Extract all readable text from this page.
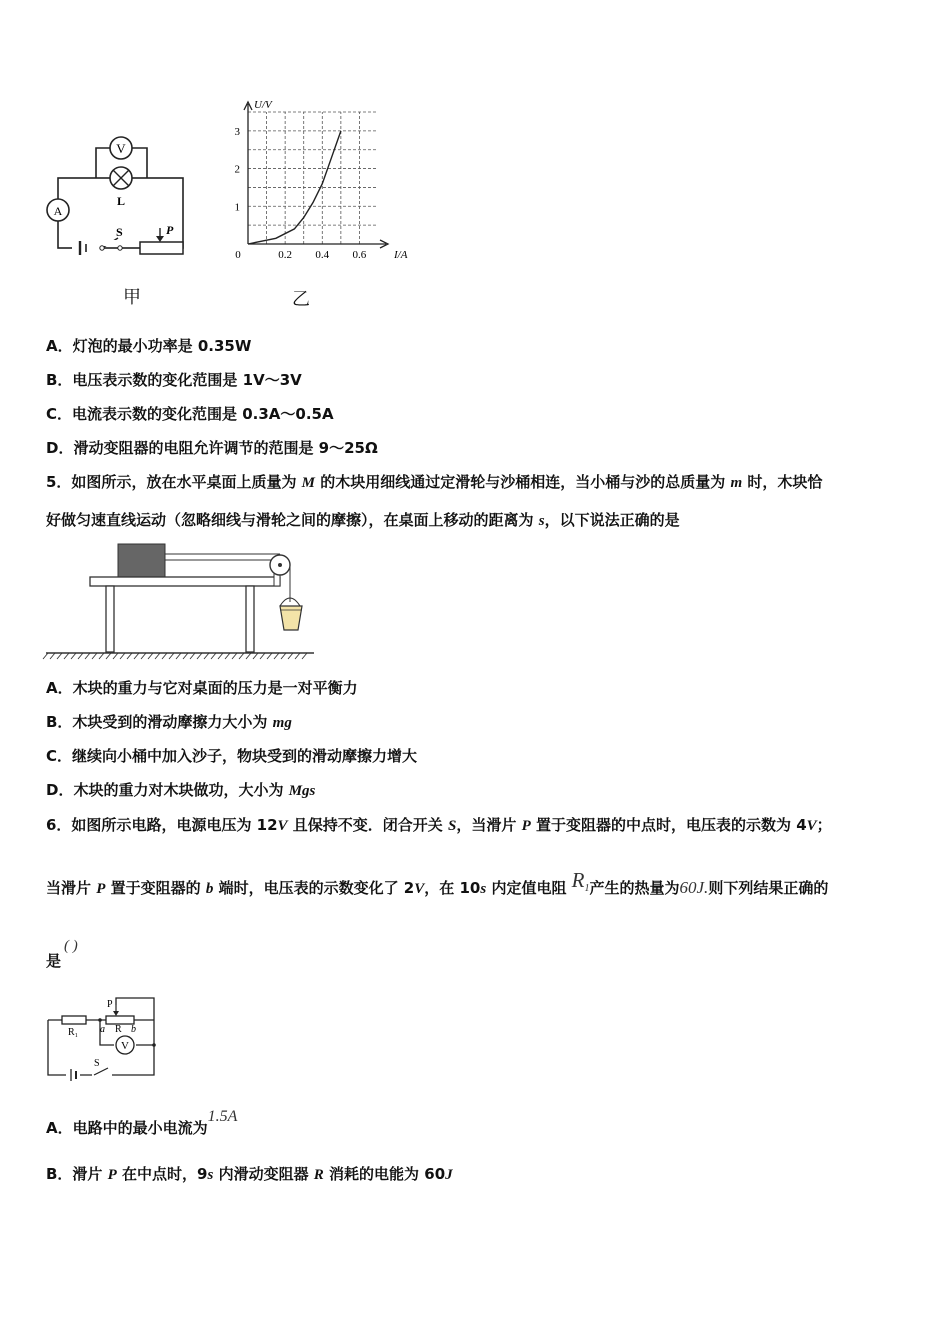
V
L
A
S	P
甲
0	0.2 0.4 0.6
1
2
3
I/A
U/V
乙
A．灯泡的最小功率是 0.35W
B．电压表示数的变化范围是 1V～3V
C．电流表示数的变化范围是 0.3A～0.5A
D．滑动变阻器的电阻允许调节的范围是 9～25Ω
5．如图所示，放在水平桌面上质量为 M 的木块用细线通过定滑轮与沙桶相连，当小桶与沙的总质量为 m 时，木块恰
好做匀速直线运动（忽略细线与滑轮之间的摩擦），在桌面上移动的距离为 s，以下说法正确的是
A．木块的重力与它对桌面的压力是一对平衡力
B．木块受到的滑动摩擦力大小为 mg
C．继续向小桶中加入沙子，物块受到的滑动摩擦力增大
D．木块的重力对木块做功，大小为 Mgs
6．如图所示电路，电源电压为 12V 且保持不变．闭合开关 S，当滑片 P 置于变阻器的中点时，电压表的示数为 4V；
当滑片 P 置于变阻器的 b 端时，电压表的示数变化了 2V，在 10s 内定值电阻 $R_1$产生的热量为60J.则下列结果正确的
是
( )
R₁
P
a R b
V
S
A．电路中的最小电流为1.5A
B．滑片 P 在中点时，9s 内滑动变阻器 R 消耗的电能为 60J
